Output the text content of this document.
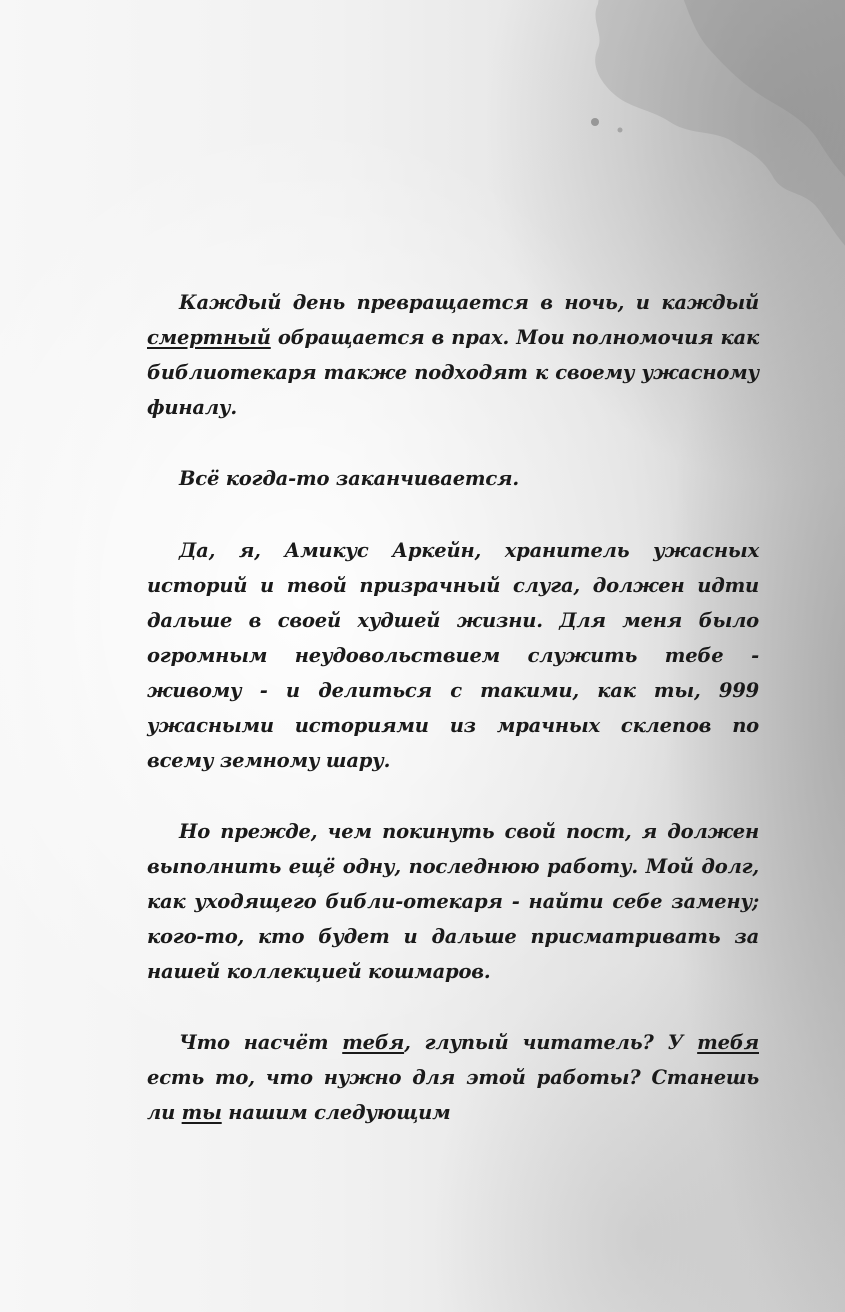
Каждый день превращается в ночь, и каждый смертный обращается в прах. Мои полномочия как библиотекаря также подходят к своему ужасному финалу.

Всё когда-то заканчивается.

Да, я, Амикус Аркейн, хранитель ужасных историй и твой призрачный слуга, должен идти дальше в своей худшей жизни. Для меня было огромным неудовольствием служить тебе - живому - и делиться с такими, как ты, 999 ужасными историями из мрачных склепов по всему земному шару.

Но прежде, чем покинуть свой пост, я должен выполнить ещё одну, последнюю работу. Мой долг, как уходящего библи-отекаря - найти себе замену; кого-то, кто будет и дальше присматривать за нашей коллекцией кошмаров.

Что насчёт тебя, глупый читатель? У тебя есть то, что нужно для этой работы? Станешь ли ты нашим следующим
